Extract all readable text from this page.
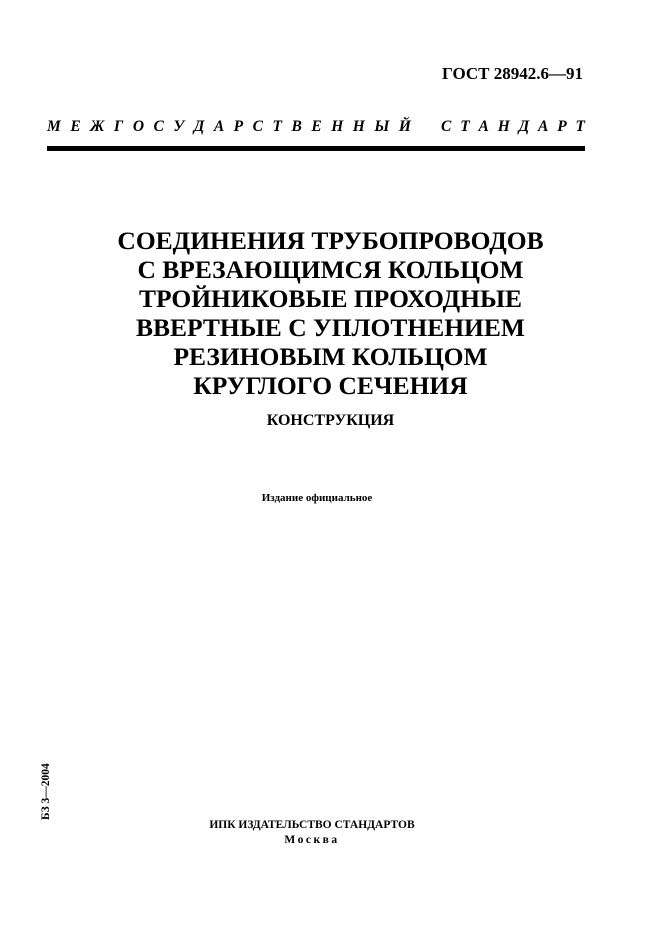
ГОСТ 28942.6—91
М Е Ж Г О С У Д А Р С Т В Е Н Н Ы Й С Т А Н Д А Р Т
СОЕДИНЕНИЯ ТРУБОПРОВОДОВ
С ВРЕЗАЮЩИМСЯ КОЛЬЦОМ
ТРОЙНИКОВЫЕ ПРОХОДНЫЕ
ВВЕРТНЫЕ С УПЛОТНЕНИЕМ
РЕЗИНОВЫМ КОЛЬЦОМ
КРУГЛОГО СЕЧЕНИЯ
КОНСТРУКЦИЯ
Издание официальное
БЗ 3—2004
ИПК ИЗДАТЕЛЬСТВО СТАНДАРТОВ
Москва
